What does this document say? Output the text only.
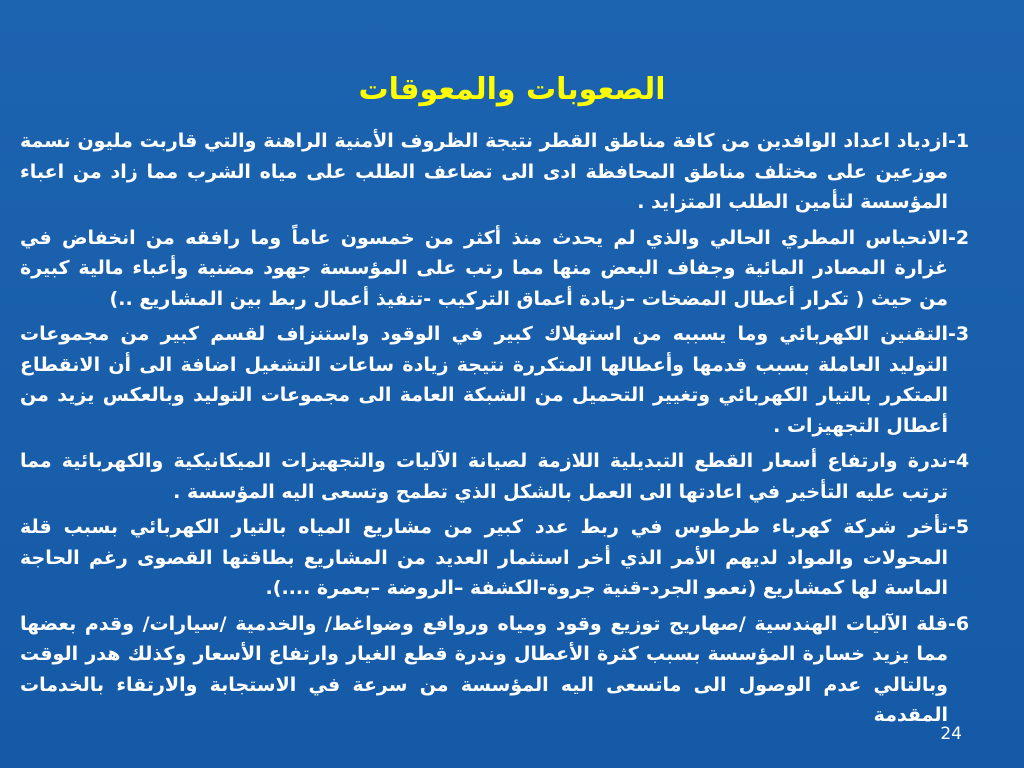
الصعوبات والمعوقات
1-
ازدياد اعداد الوافدين من كافة مناطق القطر نتيجة الظروف الأمنية الراهنة والتي قاربت مليون نسمة موزعين على مختلف مناطق المحافظة ادى الى تضاعف الطلب على مياه الشرب مما زاد من اعباء المؤسسة لتأمين الطلب المتزايد .
2-
الانحباس المطري الحالي والذي لم يحدث منذ أكثر من خمسون عاماً وما رافقه من انخفاض في غزارة المصادر المائية وجفاف البعض منها مما رتب على المؤسسة جهود مضنية وأعباء مالية كبيرة من حيث ( تكرار أعطال المضخات –زيادة أعماق التركيب -تنفيذ أعمال ربط بين المشاريع ..)
3-
التقنين الكهربائي وما يسببه من استهلاك كبير في الوقود واستنزاف لقسم كبير من مجموعات التوليد العاملة بسبب قدمها وأعطالها المتكررة نتيجة زيادة ساعات التشغيل اضافة الى أن الانقطاع المتكرر بالتيار الكهربائي وتغيير التحميل من الشبكة العامة الى مجموعات التوليد وبالعكس يزيد من أعطال التجهيزات .
4-
ندرة وارتفاع أسعار القطع التبديلية اللازمة لصيانة الآليات والتجهيزات الميكانيكية والكهربائية مما ترتب عليه التأخير في اعادتها الى العمل بالشكل الذي تطمح وتسعى اليه المؤسسة .
5-
تأخر شركة كهرباء طرطوس في ربط عدد كبير من مشاريع المياه بالتيار الكهربائي بسبب قلة المحولات والمواد لديهم الأمر الذي أخر استثمار العديد من المشاريع بطاقتها القصوى رغم الحاجة الماسة لها كمشاريع (نعمو الجرد-قنية جروة-الكشفة –الروضة –بعمرة ....).
6-
قلة الآليات الهندسية /صهاريج توزيع وقود ومياه وروافع وضواغط/ والخدمية /سيارات/ وقدم بعضها مما يزيد خسارة المؤسسة بسبب كثرة الأعطال وندرة قطع الغيار وارتفاع الأسعار وكذلك هدر الوقت وبالتالي عدم الوصول الى ماتسعى اليه المؤسسة من سرعة في الاستجابة والارتقاء بالخدمات المقدمة
24
